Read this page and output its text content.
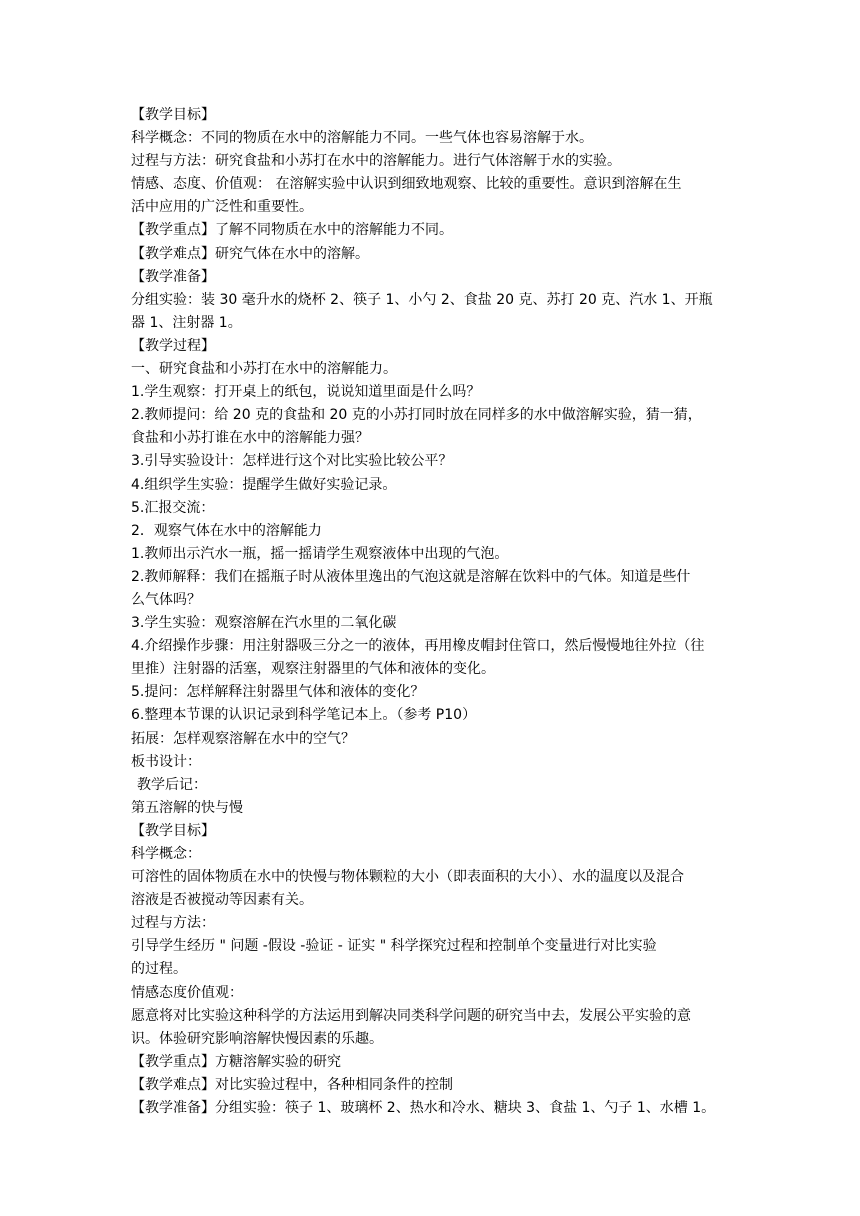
【教学目标】
科学概念：不同的物质在水中的溶解能力不同。一些气体也容易溶解于水。
过程与方法：研究食盐和小苏打在水中的溶解能力。进行气体溶解于水的实验。
情感、态度、价值观： 在溶解实验中认识到细致地观察、比较的重要性。意识到溶解在生
活中应用的广泛性和重要性。
【教学重点】了解不同物质在水中的溶解能力不同。
【教学难点】研究气体在水中的溶解。
【教学准备】
分组实验：装 30 毫升水的烧杯 2、筷子 1、小勺 2、食盐 20 克、苏打 20 克、汽水 1、开瓶
器 1、注射器 1。
【教学过程】
一、研究食盐和小苏打在水中的溶解能力。
1.学生观察：打开桌上的纸包，说说知道里面是什么吗？
2.教师提问：给 20 克的食盐和 20 克的小苏打同时放在同样多的水中做溶解实验，猜一猜，
食盐和小苏打谁在水中的溶解能力强？
3.引导实验设计：怎样进行这个对比实验比较公平？
4.组织学生实验：提醒学生做好实验记录。
5.汇报交流：
2．观察气体在水中的溶解能力
1.教师出示汽水一瓶，摇一摇请学生观察液体中出现的气泡。
2.教师解释：我们在摇瓶子时从液体里逸出的气泡这就是溶解在饮料中的气体。知道是些什
么气体吗？
3.学生实验：观察溶解在汽水里的二氧化碳
4.介绍操作步骤：用注射器吸三分之一的液体，再用橡皮帽封住管口，然后慢慢地往外拉（往
里推）注射器的活塞，观察注射器里的气体和液体的变化。
5.提问：怎样解释注射器里气体和液体的变化？
6.整理本节课的认识记录到科学笔记本上。（参考 P10）
拓展：怎样观察溶解在水中的空气？
板书设计：
教学后记：
第五溶解的快与慢
【教学目标】
科学概念：
可溶性的固体物质在水中的快慢与物体颗粒的大小（即表面积的大小）、水的温度以及混合
溶液是否被搅动等因素有关。
过程与方法：
引导学生经历 " 问题 -假设 -验证 - 证实 " 科学探究过程和控制单个变量进行对比实验
的过程。
情感态度价值观：
愿意将对比实验这种科学的方法运用到解决同类科学问题的研究当中去，发展公平实验的意
识。体验研究影响溶解快慢因素的乐趣。
【教学重点】方糖溶解实验的研究
【教学难点】对比实验过程中，各种相同条件的控制
【教学准备】分组实验：筷子 1、玻璃杯 2、热水和冷水、糖块 3、食盐 1、勺子 1、水槽 1。
